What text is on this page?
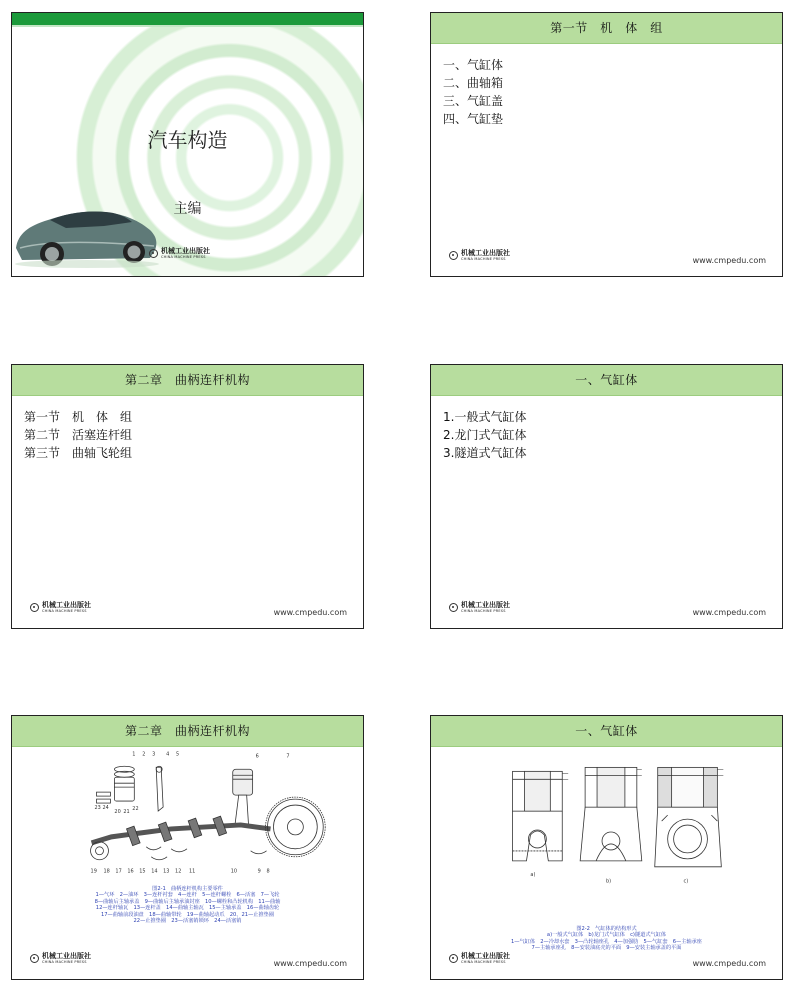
汽车构造
主编
机械工业出版社
CHINA MACHINE PRESS
第一节　机　体　组
一、气缸体
二、曲轴箱
三、气缸盖
四、气缸垫
机械工业出版社
CHINA MACHINE PRESS	www.cmpedu.com
第二章　曲柄连杆机构
第一节　机　体　组
第二节　活塞连杆组
第三节　曲轴飞轮组
机械工业出版社
CHINA MACHINE PRESS	www.cmpedu.com
一、气缸体
1.一般式气缸体
2.龙门式气缸体
3.隧道式气缸体
机械工业出版社
CHINA MACHINE PRESS	www.cmpedu.com
第二章　曲柄连杆机构
1 2 3 4 5	6	7
23 24
20 21 22
19 18 17 16 15 14 13 12 11	10	9 8
图2-1　曲柄连杆机构主要零件
1—气环　2—油环　3—连杆衬套　4—连杆　5—连杆螺栓　6—活塞　7—飞轮
8—曲轴后主轴承盖　9—曲轴后主轴承油封座　10—螺栓和凸轮机构　11—曲轴
12—连杆轴瓦　13—连杆盖　14—曲轴主轴瓦　15—主轴承盖　16—曲轴齿轮
17—曲轴前段油盘　18—曲轴带轮　19—曲轴起动爪　20、21—止推垫圈
22—止推垫圈　23—活塞销锁环　24—活塞销
机械工业出版社
CHINA MACHINE PRESS	www.cmpedu.com
一、气缸体
a)
b)	c)
图2-2　气缸体的结构形式
a)一般式气缸体　b)龙门式气缸体　c)隧道式气缸体
1—气缸体　2—冷却水套　3—凸轮轴座孔　4—加强肋　5—气缸套　6—主轴承座
7—主轴承座孔　8—安装油底壳的平面　9—安装主轴承盖的平面
机械工业出版社
CHINA MACHINE PRESS	www.cmpedu.com
